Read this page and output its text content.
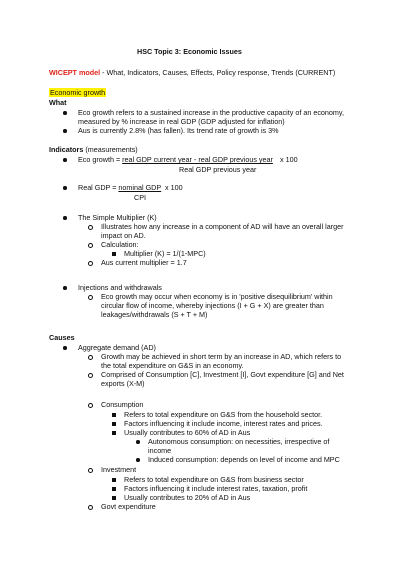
HSC Topic 3: Economic Issues
WICEPT model - What, Indicators, Causes, Effects, Policy response, Trends (CURRENT)
Economic growth
What
Eco growth refers to a sustained increase in the productive capacity of an economy,
measured by % increase in real GDP (GDP adjusted for inflation)
Aus is currently 2.8% (has fallen). Its trend rate of growth is 3%
Indicators (measurements)
Eco growth = real GDP current year - real GDP previous year x 100
Real GDP previous year
Real GDP = nominal GDP x 100
CPI
The Simple Multiplier (K)
Illustrates how any increase in a component of AD will have an overall larger
impact on AD.
Calculation:
Multiplier (K) = 1/(1-MPC)
Aus current multiplier = 1.7
Injections and withdrawals
Eco growth may occur when economy is in 'positive disequilibrium' within
circular flow of income, whereby injections (I + G + X) are greater than
leakages/withdrawals (S + T + M)
Causes
Aggregate demand (AD)
Growth may be achieved in short term by an increase in AD, which refers to
the total expenditure on G&S in an economy.
Comprised of Consumption [C], Investment [I], Govt expenditure [G] and Net
exports (X-M)
Consumption
Refers to total expenditure on G&S from the household sector.
Factors influencing it include income, interest rates and prices.
Usually contributes to 60% of AD in Aus
Autonomous consumption: on necessities, irrespective of
income
Induced consumption: depends on level of income and MPC
Investment
Refers to total expenditure on G&S from business sector
Factors influencing it include interest rates, taxation, profit
Usually contributes to 20% of AD in Aus
Govt expenditure
